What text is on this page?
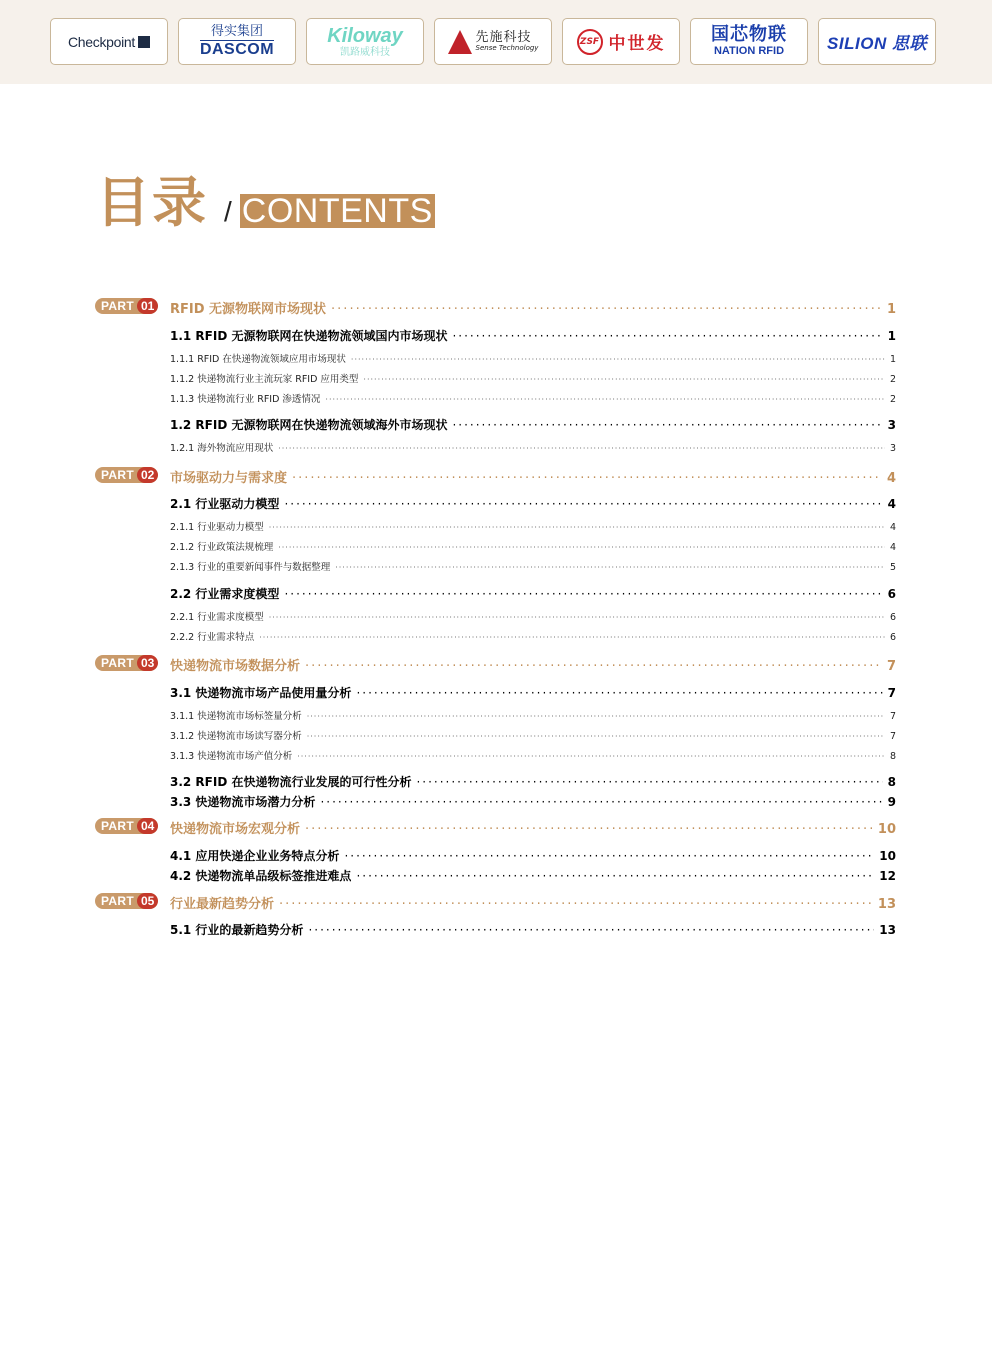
Checkpoint
得实集团
DASCOM
Kiloway
凯路威科技
先施科技
Sense Technology
ZSF 中世发	国芯物联
NATION RFID	SILION 思联
目录 / CONTENTS
PART 01	RFID 无源物联网市场现状 ·····	1
1.1 RFID 无源物联网在快递物流领域国内市场现状 ·····	1
1.1.1 RFID 在快递物流领域应用市场现状 ·····	1
1.1.2 快递物流行业主流玩家 RFID 应用类型 ·····	2
1.1.3 快递物流行业 RFID 渗透情况 ·····	2
1.2 RFID 无源物联网在快递物流领域海外市场现状 ·····	3
1.2.1 海外物流应用现状 ·····	3
PART 02	市场驱动力与需求度 ·····	4
2.1 行业驱动力模型 ·····	4
2.1.1 行业驱动力模型 ·····	4
2.1.2 行业政策法规梳理 ·····	4
2.1.3 行业的重要新闻事件与数据整理 ·····	5
2.2 行业需求度模型 ·····	6
2.2.1 行业需求度模型 ·····	6
2.2.2 行业需求特点 ·····	6
PART 03	快递物流市场数据分析 ·····	7
3.1 快递物流市场产品使用量分析 ·····	7
3.1.1 快递物流市场标签量分析 ·····	7
3.1.2 快递物流市场读写器分析 ·····	7
3.1.3 快递物流市场产值分析 ·····	8
3.2 RFID 在快递物流行业发展的可行性分析 ·····	8
3.3 快递物流市场潜力分析 ·····	9
PART 04	快递物流市场宏观分析 ·····	10
4.1 应用快递企业业务特点分析 ·····	10
4.2 快递物流单品级标签推进难点 ·····	12
PART 05	行业最新趋势分析 ·····	13
5.1 行业的最新趋势分析 ·····	13
